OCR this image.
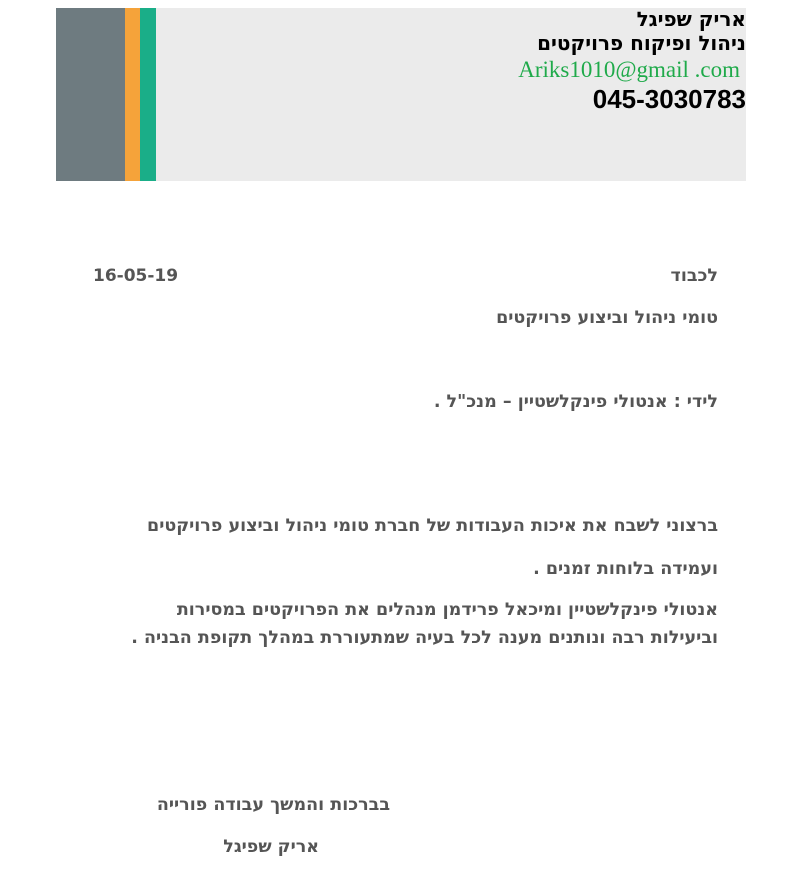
אריק שפיגל
ניהול ופיקוח פרויקטים
Ariks1010@gmail .com
045-3030783
לכבוד
16-05-19
טומי ניהול וביצוע פרויקטים
לידי : אנטולי פינקלשטיין – מנכ"ל .
ברצוני לשבח את איכות העבודות של חברת טומי ניהול וביצוע פרויקטים
ועמידה בלוחות זמנים .
אנטולי פינקלשטיין ומיכאל פרידמן מנהלים את הפרויקטים במסירות
וביעילות רבה ונותנים מענה לכל בעיה שמתעוררת במהלך תקופת הבניה .
בברכות והמשך עבודה פורייה
אריק שפיגל
